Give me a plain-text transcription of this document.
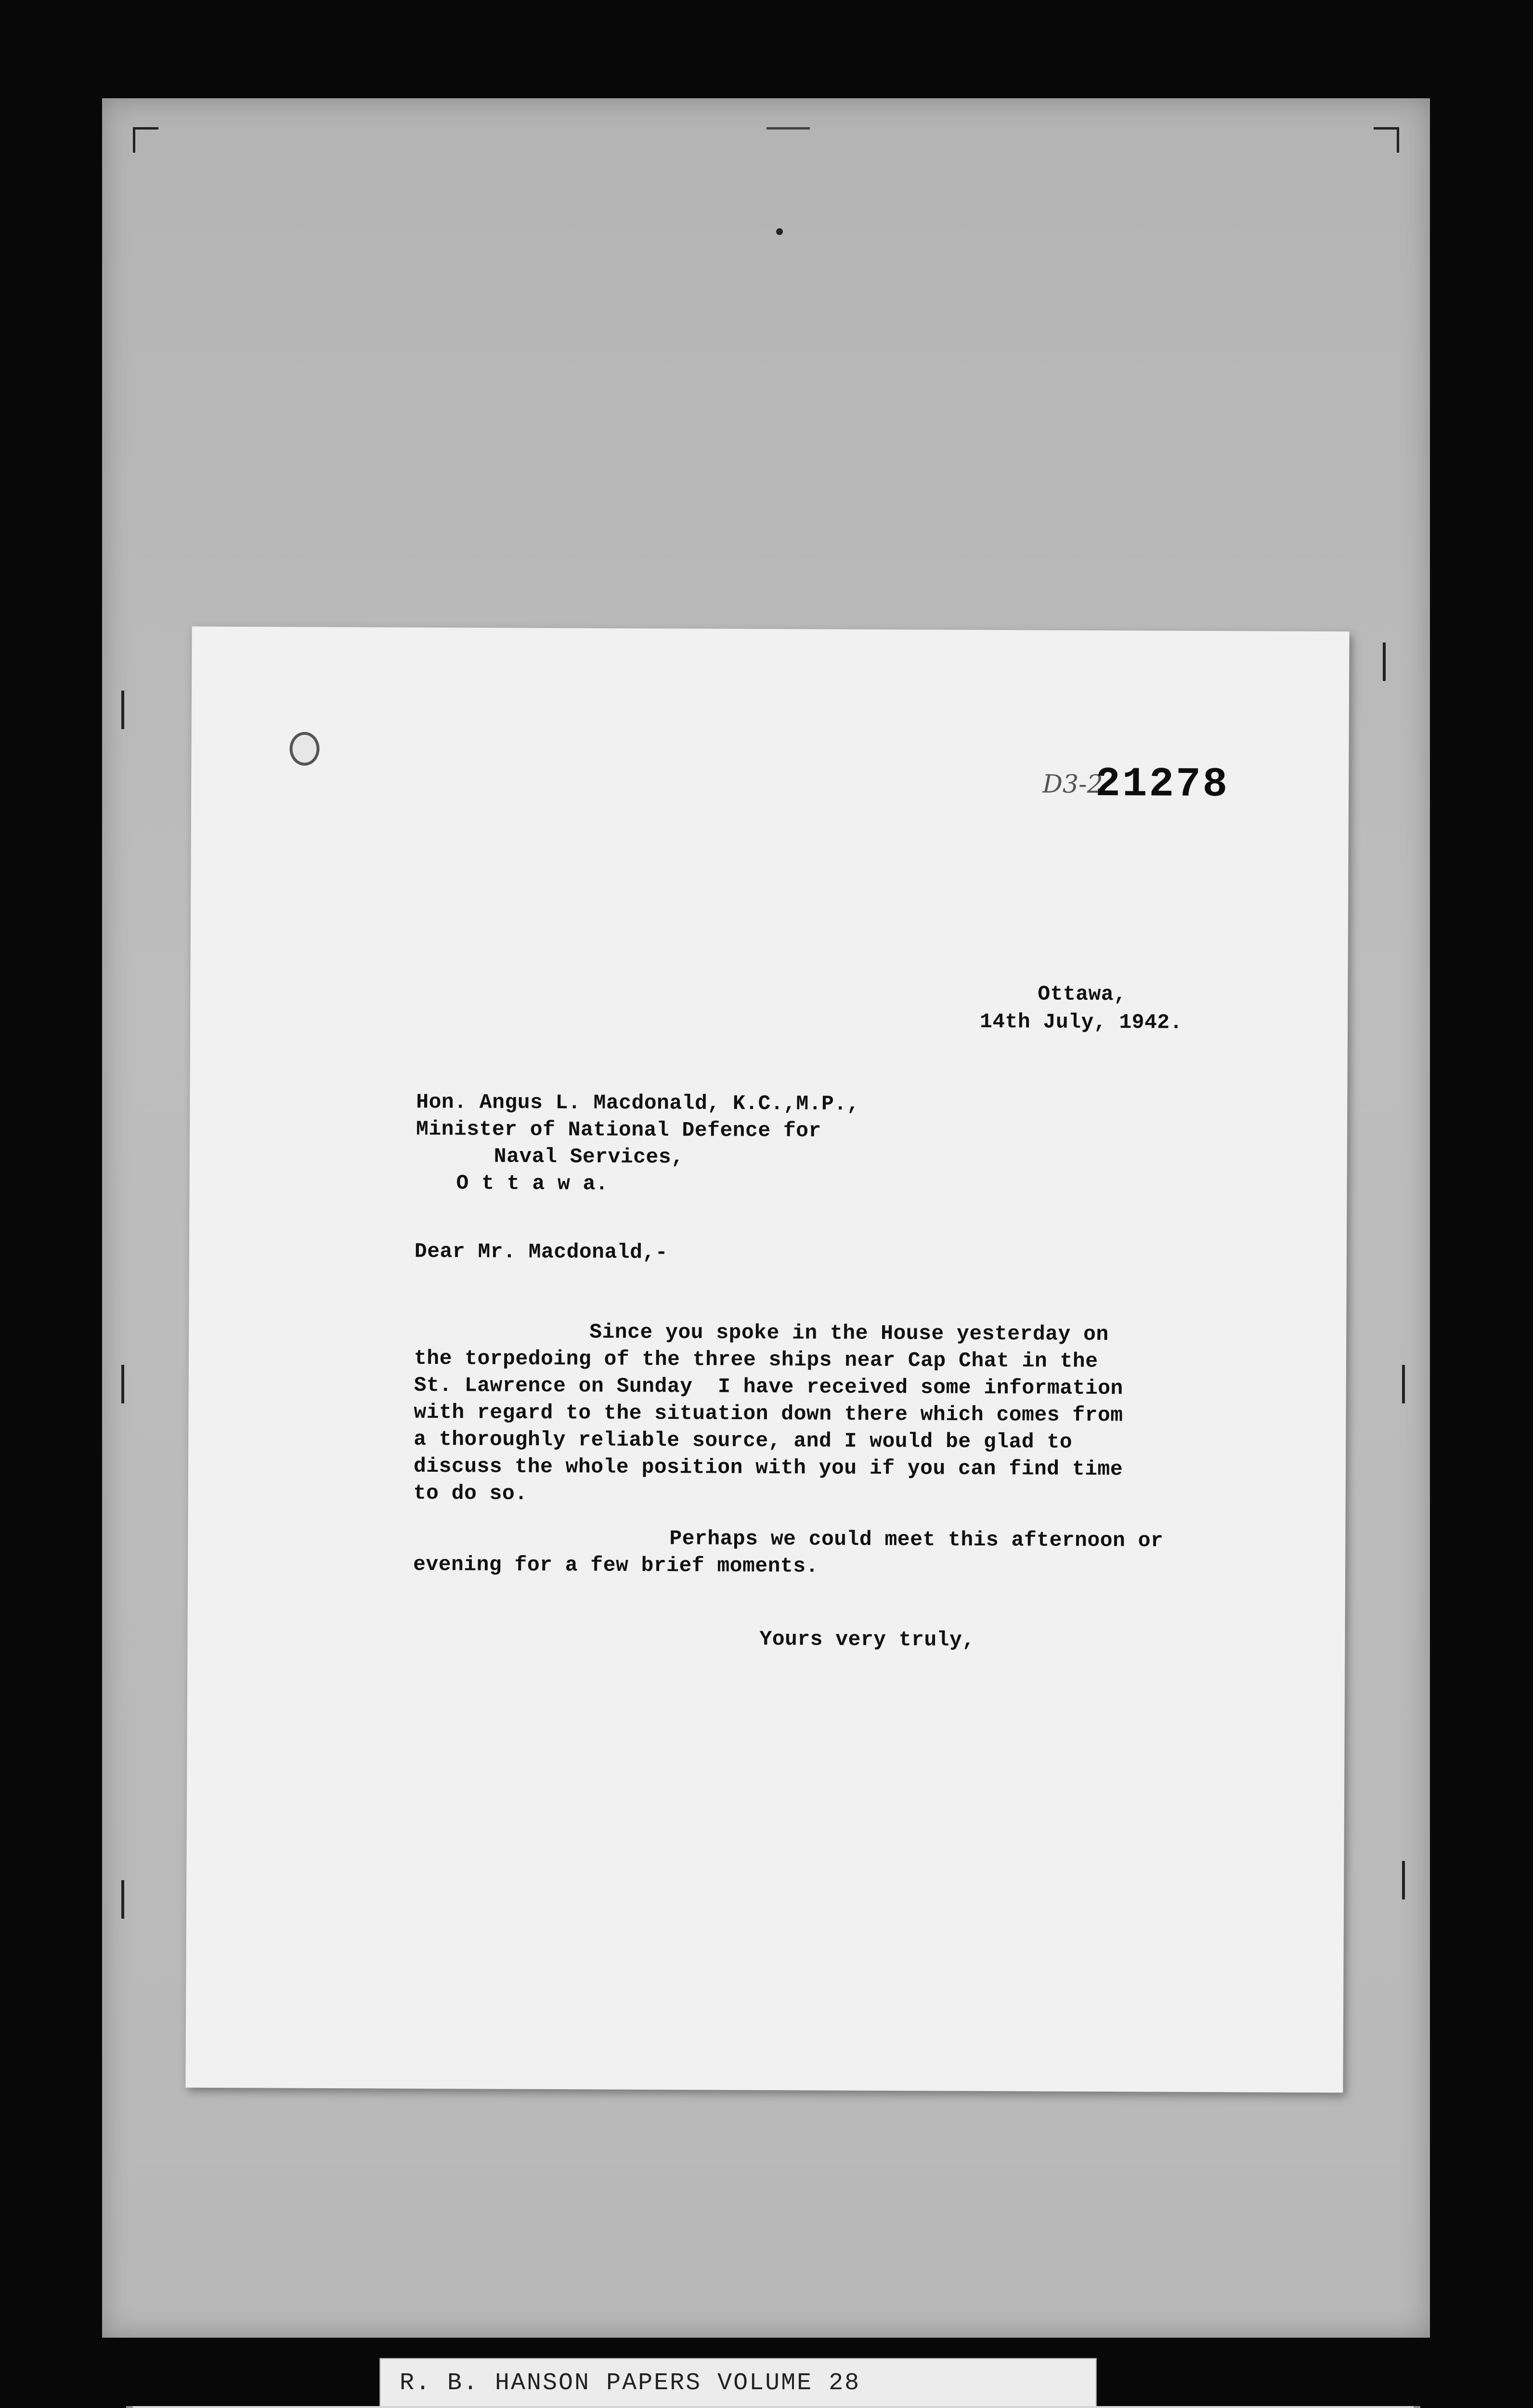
D3-2
21278
Ottawa,
14th July, 1942.
Hon. Angus L. Macdonald, K.C.,M.P.,
Minister of National Defence for
Naval Services,
O t t a w a.
Dear Mr. Macdonald,-
Since you spoke in the House yesterday on
the torpedoing of the three ships near Cap Chat in the
St. Lawrence on Sunday  I have received some information
with regard to the situation down there which comes from
a thoroughly reliable source, and I would be glad to
discuss the whole position with you if you can find time
to do so.
Perhaps we could meet this afternoon or
evening for a few brief moments.
Yours very truly,
R. B. HANSON PAPERS VOLUME 28
